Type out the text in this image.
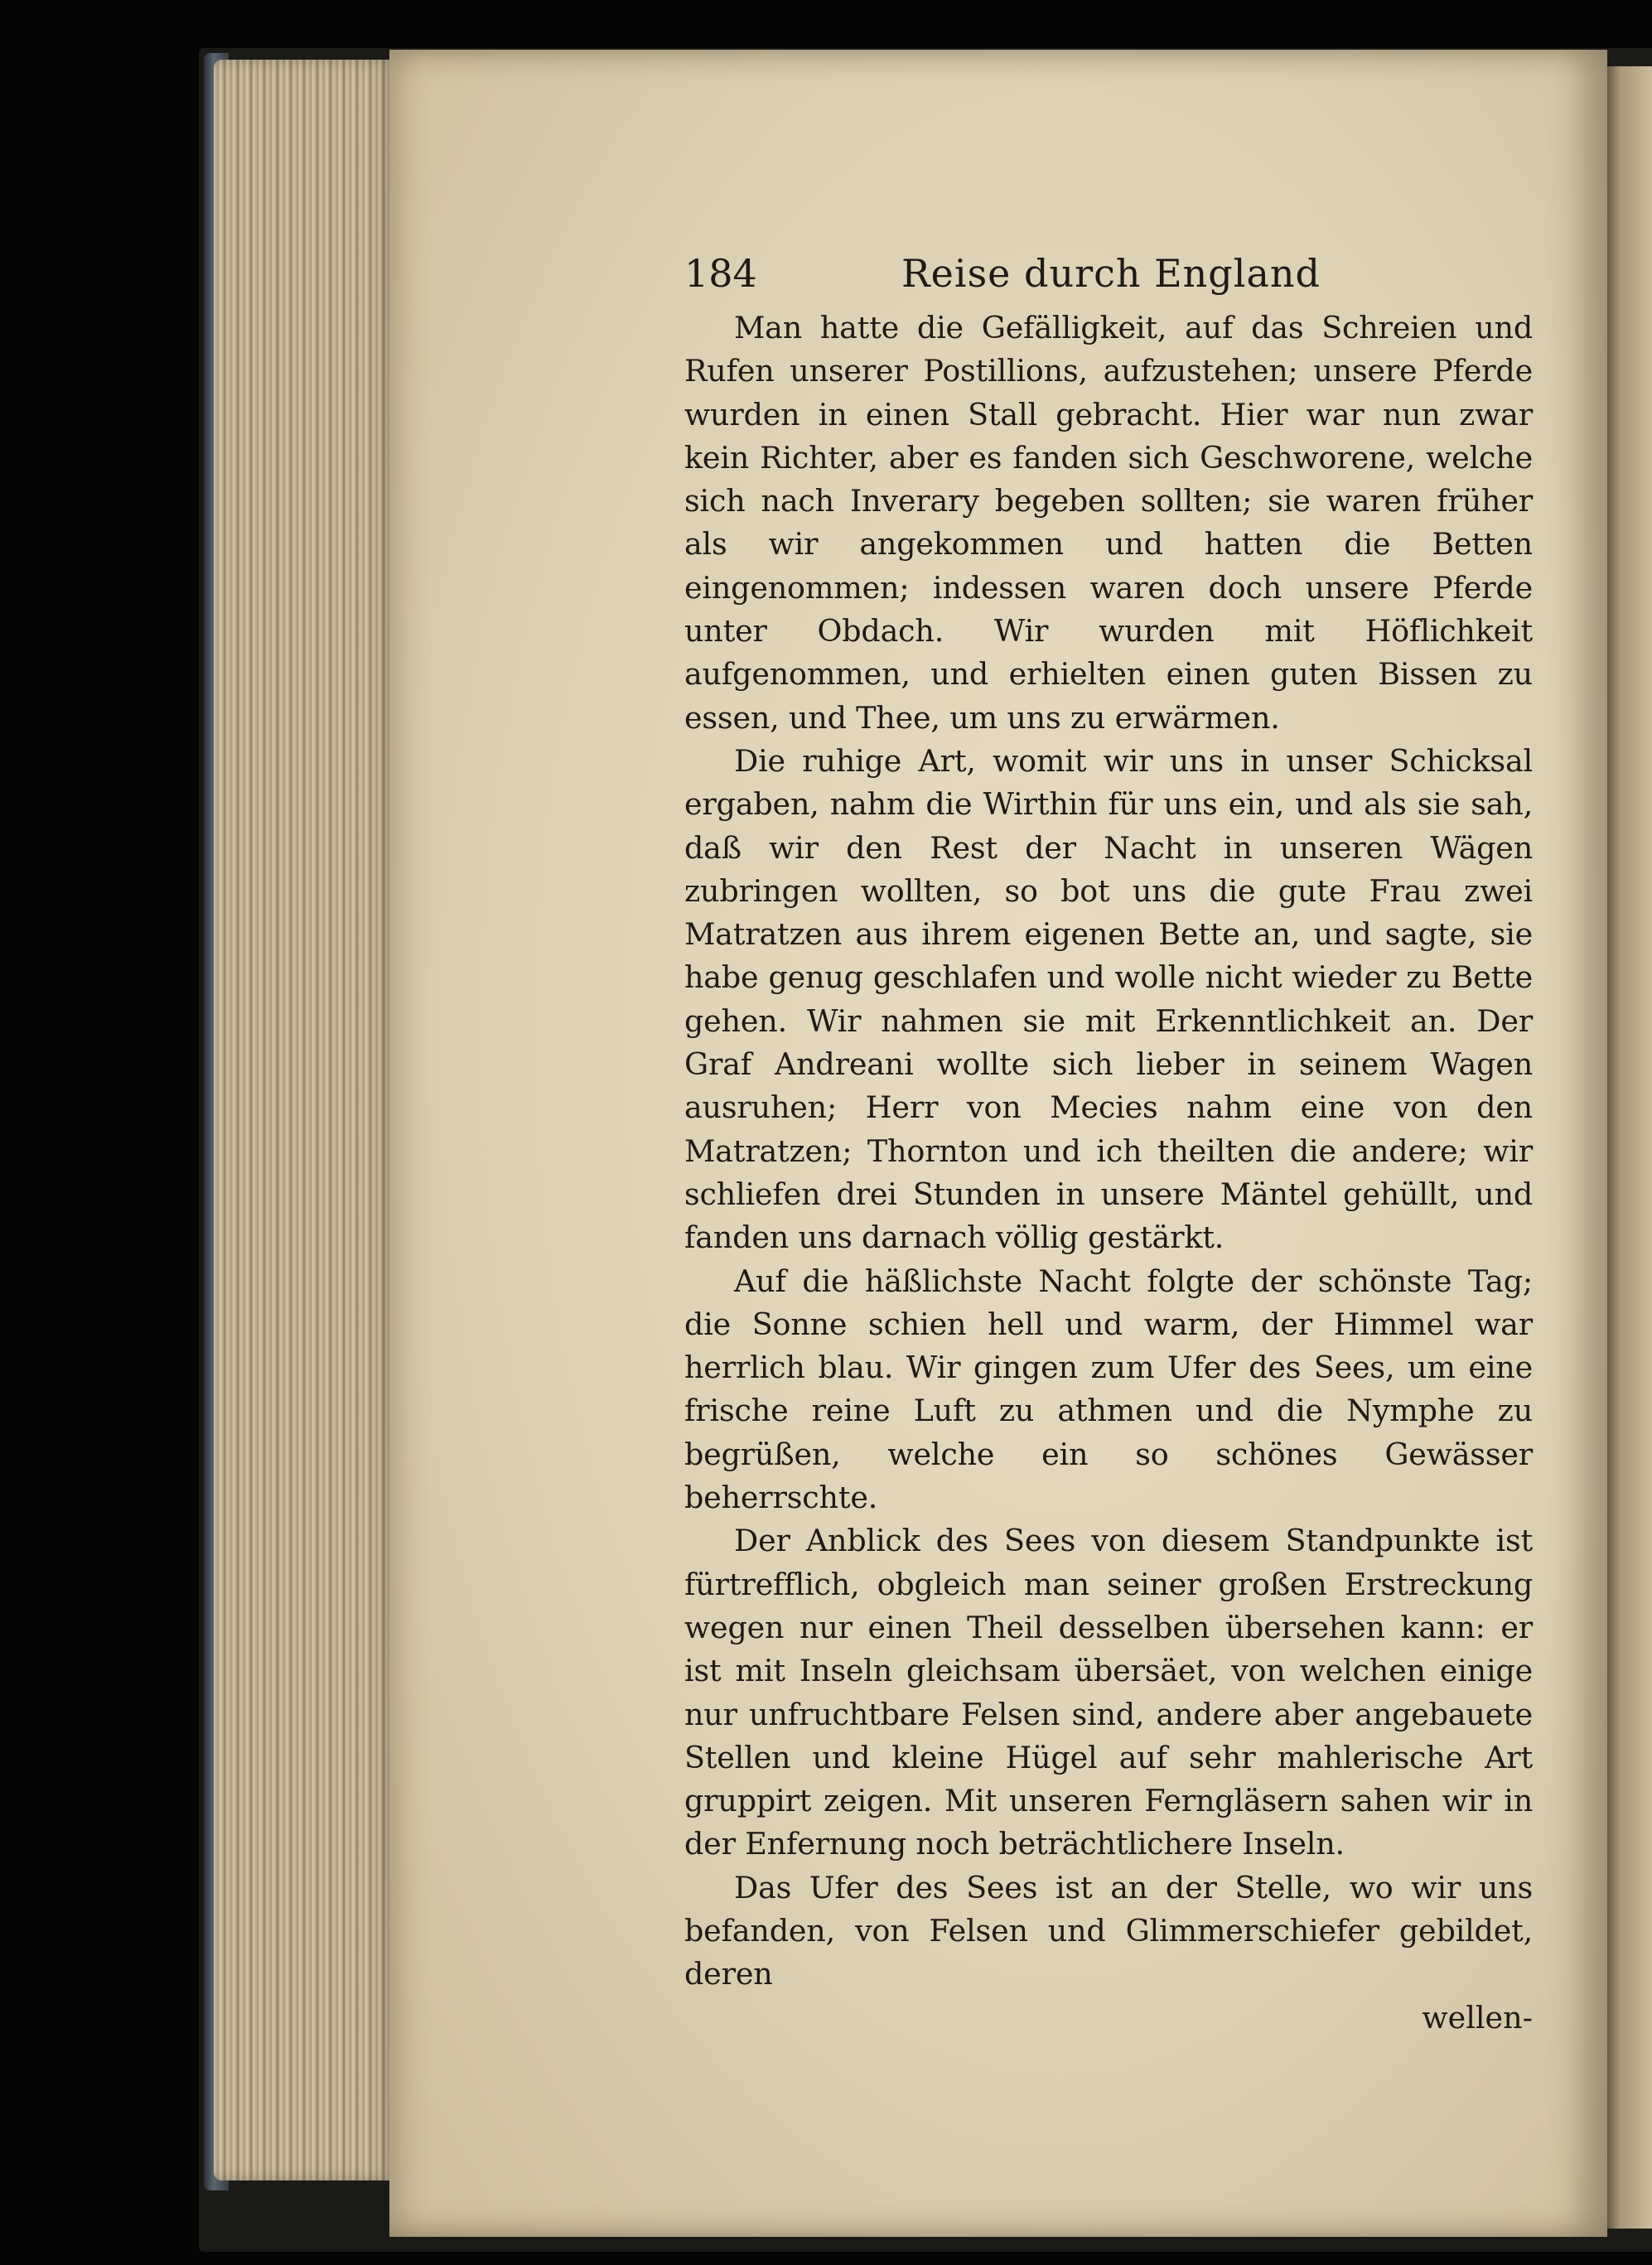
184	Reise durch England

Man hatte die Gefälligkeit, auf das Schreien und Rufen unserer Postillions, aufzustehen; unsere Pferde wurden in einen Stall gebracht. Hier war nun zwar kein Richter, aber es fanden sich Geschworene, welche sich nach Inverary begeben sollten; sie waren früher als wir angekommen und hatten die Betten eingenommen; indessen waren doch unsere Pferde unter Obdach. Wir wurden mit Höflichkeit aufgenommen, und erhielten einen guten Bissen zu essen, und Thee, um uns zu erwärmen.

Die ruhige Art, womit wir uns in unser Schicksal ergaben, nahm die Wirthin für uns ein, und als sie sah, daß wir den Rest der Nacht in unseren Wägen zubringen wollten, so bot uns die gute Frau zwei Matratzen aus ihrem eigenen Bette an, und sagte, sie habe genug geschlafen und wolle nicht wieder zu Bette gehen. Wir nahmen sie mit Erkenntlichkeit an. Der Graf Andreani wollte sich lieber in seinem Wagen ausruhen; Herr von Mecies nahm eine von den Matratzen; Thornton und ich theilten die andere; wir schliefen drei Stunden in unsere Mäntel gehüllt, und fanden uns darnach völlig gestärkt.

Auf die häßlichste Nacht folgte der schönste Tag; die Sonne schien hell und warm, der Himmel war herrlich blau. Wir gingen zum Ufer des Sees, um eine frische reine Luft zu athmen und die Nymphe zu begrüßen, welche ein so schönes Gewässer beherrschte.

Der Anblick des Sees von diesem Standpunkte ist fürtrefflich, obgleich man seiner großen Erstreckung wegen nur einen Theil desselben übersehen kann: er ist mit Inseln gleichsam übersäet, von welchen einige nur unfruchtbare Felsen sind, andere aber angebauete Stellen und kleine Hügel auf sehr mahlerische Art gruppirt zeigen. Mit unseren Ferngläsern sahen wir in der Enfernung noch beträchtlichere Inseln.

Das Ufer des Sees ist an der Stelle, wo wir uns befanden, von Felsen und Glimmerschiefer gebildet, deren

wellen-
